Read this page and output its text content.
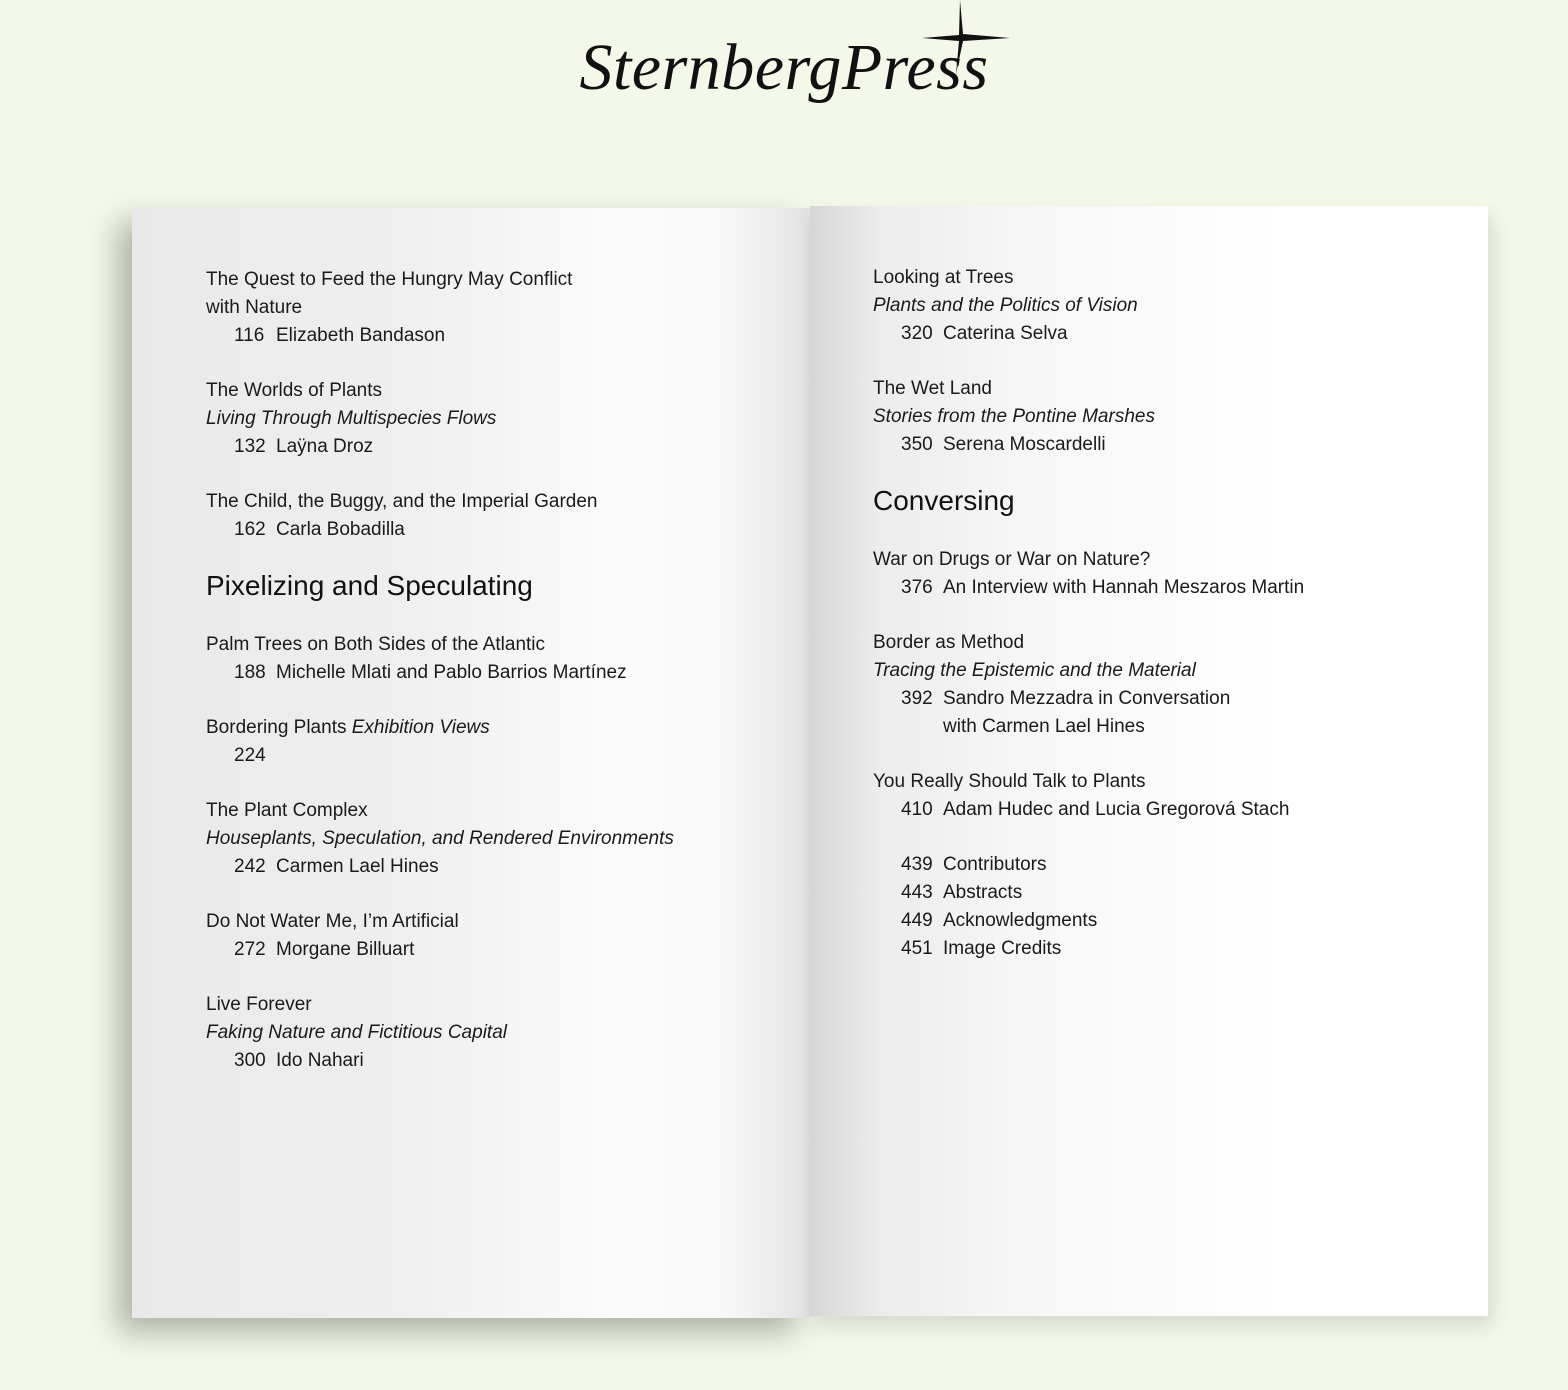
SternbergPress
The Quest to Feed the Hungry May Conflict
with Nature
116 Elizabeth Bandason
The Worlds of Plants
Living Through Multispecies Flows
132 Laÿna Droz
The Child, the Buggy, and the Imperial Garden
162 Carla Bobadilla
Pixelizing and Speculating
Palm Trees on Both Sides of the Atlantic
188 Michelle Mlati and Pablo Barrios Martínez
Bordering Plants Exhibition Views
224
The Plant Complex
Houseplants, Speculation, and Rendered Environments
242 Carmen Lael Hines
Do Not Water Me, I’m Artificial
272 Morgane Billuart
Live Forever
Faking Nature and Fictitious Capital
300 Ido Nahari
Looking at Trees
Plants and the Politics of Vision
320 Caterina Selva
The Wet Land
Stories from the Pontine Marshes
350 Serena Moscardelli
Conversing
War on Drugs or War on Nature?
376 An Interview with Hannah Meszaros Martin
Border as Method
Tracing the Epistemic and the Material
392 Sandro Mezzadra in Conversation
with Carmen Lael Hines
You Really Should Talk to Plants
410 Adam Hudec and Lucia Gregorová Stach
439 Contributors
443 Abstracts
449 Acknowledgments
451 Image Credits
